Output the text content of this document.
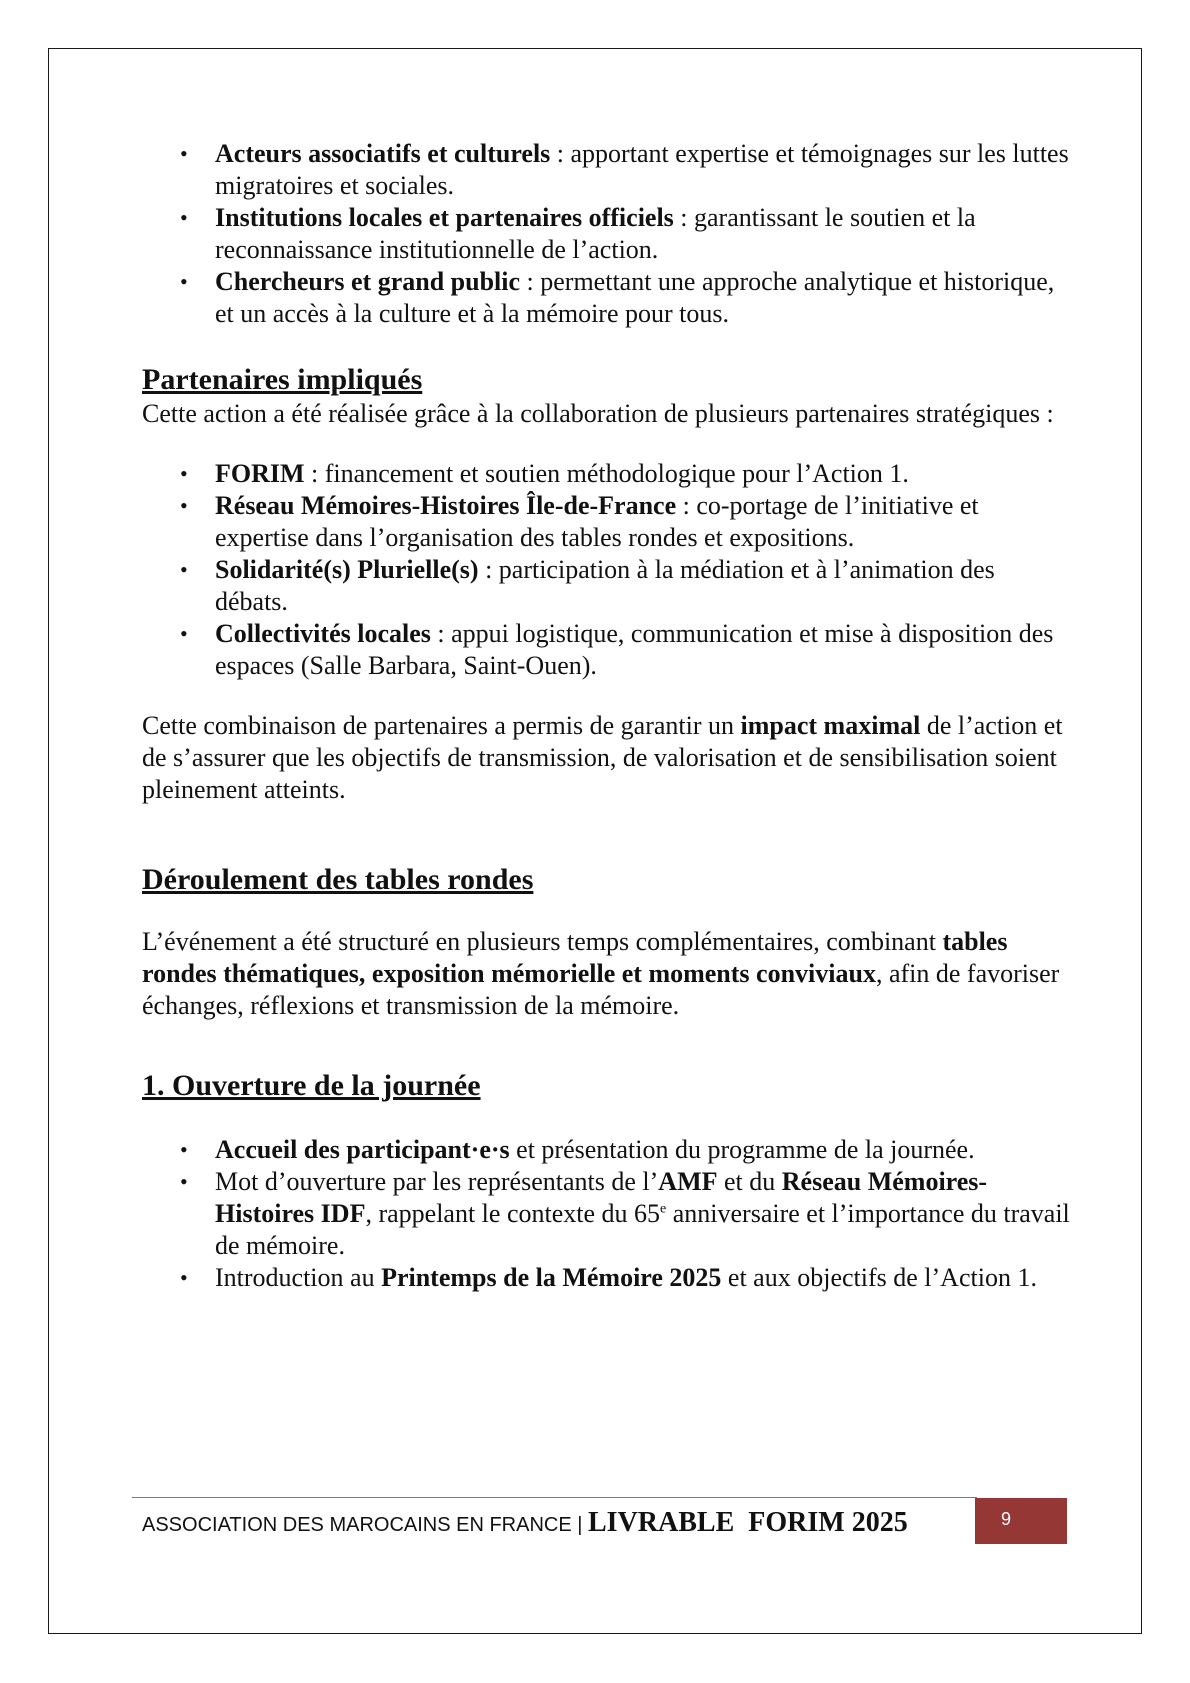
• Acteurs associatifs et culturels : apportant expertise et témoignages sur les luttes migratoires et sociales.
• Institutions locales et partenaires officiels : garantissant le soutien et la reconnaissance institutionnelle de l’action.
• Chercheurs et grand public : permettant une approche analytique et historique, et un accès à la culture et à la mémoire pour tous.
Partenaires impliqués

Cette action a été réalisée grâce à la collaboration de plusieurs partenaires stratégiques :

• FORIM : financement et soutien méthodologique pour l’Action 1.
• Réseau Mémoires-Histoires Île-de-France : co-portage de l’initiative et expertise dans l’organisation des tables rondes et expositions.
• Solidarité(s) Plurielle(s) : participation à la médiation et à l’animation des débats.
• Collectivités locales : appui logistique, communication et mise à disposition des espaces (Salle Barbara, Saint-Ouen).

Cette combinaison de partenaires a permis de garantir un impact maximal de l’action et de s’assurer que les objectifs de transmission, de valorisation et de sensibilisation soient pleinement atteints.

Déroulement des tables rondes

L’événement a été structuré en plusieurs temps complémentaires, combinant tables rondes thématiques, exposition mémorielle et moments conviviaux, afin de favoriser échanges, réflexions et transmission de la mémoire.

1. Ouverture de la journée
• Accueil des participant·e·s et présentation du programme de la journée.
• Mot d’ouverture par les représentants de l’AMF et du Réseau Mémoires-Histoires IDF, rappelant le contexte du 65e anniversaire et l’importance du travail de mémoire.
• Introduction au Printemps de la Mémoire 2025 et aux objectifs de l’Action 1.
ASSOCIATION DES MAROCAINS EN FRANCE | LIVRABLE  FORIM 2025	9
